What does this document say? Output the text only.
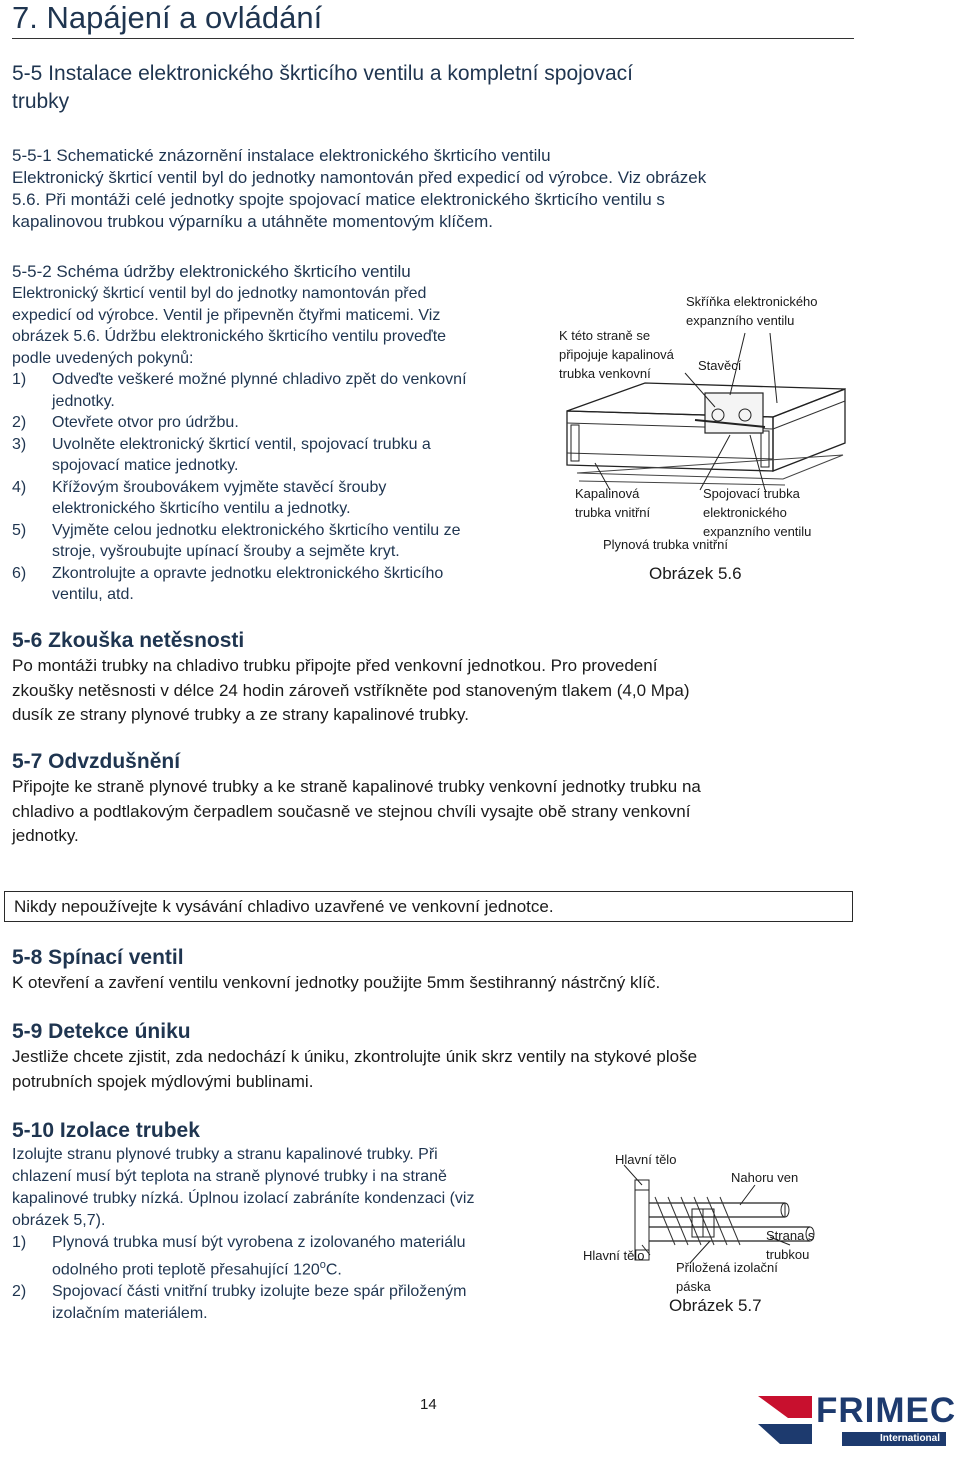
7. Napájení a ovládání
5-5 Instalace elektronického škrticího ventilu a kompletní spojovací
trubky
5-5-1 Schematické znázornění instalace elektronického škrticího ventilu
Elektronický škrticí ventil byl do jednotky namontován před expedicí od výrobce. Viz obrázek
5.6. Při montáži celé jednotky spojte spojovací matice elektronického škrticího ventilu s
kapalinovou trubkou výparníku a utáhněte momentovým klíčem.
5-5-2 Schéma údržby elektronického škrticího ventilu
Elektronický škrticí ventil byl do jednotky namontován před
expedicí od výrobce. Ventil je připevněn čtyřmi maticemi. Viz
obrázek 5.6. Údržbu elektronického škrticího ventilu proveďte
podle uvedených pokynů:
1) Odveďte veškeré možné plynné chladivo zpět do venkovní
jednotky.
2) Otevřete otvor pro údržbu.
3) Uvolněte elektronický škrticí ventil, spojovací trubku a
spojovací matice jednotky.
4) Křížovým šroubovákem vyjměte stavěcí šrouby
elektronického škrticího ventilu a jednotky.
5) Vyjměte celou jednotku elektronického škrticího ventilu ze
stroje, vyšroubujte upínací šrouby a sejměte kryt.
6) Zkontrolujte a opravte jednotku elektronického škrticího
ventilu, atd.
Skříňka elektronického
expanzního ventilu
K této straně se
připojuje kapalinová
trubka venkovní
Stavěcí
Kapalinová
trubka vnitřní
Spojovací trubka
elektronického
expanzního ventilu
Plynová trubka vnitřní
Obrázek 5.6
5-6 Zkouška netěsnosti
Po montáži trubky na chladivo trubku připojte před venkovní jednotkou. Pro provedení
zkoušky netěsnosti v délce 24 hodin zároveň vstříkněte pod stanoveným tlakem (4,0 Mpa)
dusík ze strany plynové trubky a ze strany kapalinové trubky.
5-7 Odvzdušnění
Připojte ke straně plynové trubky a ke straně kapalinové trubky venkovní jednotky trubku na
chladivo a podtlakovým čerpadlem současně ve stejnou chvíli vysajte obě strany venkovní
jednotky.
Nikdy nepoužívejte k vysávání chladivo uzavřené ve venkovní jednotce.
5-8 Spínací ventil
K otevření a zavření ventilu venkovní jednotky použijte 5mm šestihranný nástrčný klíč.
5-9 Detekce úniku
Jestliže chcete zjistit, zda nedochází k úniku, zkontrolujte únik skrz ventily na stykové ploše
potrubních spojek mýdlovými bublinami.
5-10 Izolace trubek
Izolujte stranu plynové trubky a stranu kapalinové trubky. Při
chlazení musí být teplota na straně plynové trubky i na straně
kapalinové trubky nízká. Úplnou izolací zabráníte kondenzaci (viz
obrázek 5,7).
1) Plynová trubka musí být vyrobena z izolovaného materiálu
odolného proti teplotě přesahující 120$^o$C.
2) Spojovací části vnitřní trubky izolujte beze spár přiloženým
izolačním materiálem.
Hlavní tělo
Nahoru ven
Hlavní tělo
Strana s
trubkou
Přiložená izolační
páska
Obrázek 5.7
14	FRIMEC
International
